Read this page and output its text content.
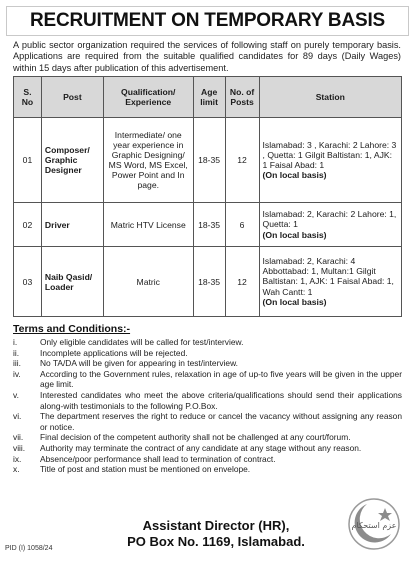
RECRUITMENT ON TEMPORARY BASIS
A public sector organization required the services of following staff on purely temporary basis. Applications are required from the suitable qualified candidates for 89 days (Daily Wages) within 15 days after publication of this advertisement.
S. No	Post	Qualification/ Experience	Age limit	No. of Posts	Station
01	Composer/ Graphic Designer	Intermediate/ one year experience in Graphic Designing/ MS Word, MS Excel, Power Point and In page.	18-35	12	Islamabad: 3 , Karachi: 2 Lahore: 3 , Quetta: 1 Gilgit Baltistan: 1, AJK: 1 Faisal Abad: 1
(On local basis)

02	Driver	Matric HTV License	18-35	6	Islamabad: 2, Karachi: 2 Lahore: 1, Quetta: 1
(On local basis)

03	Naib Qasid/ Loader	Matric	18-35	12	Islamabad: 2, Karachi: 4 Abbottabad: 1, Multan:1 Gilgit Baltistan: 1, AJK: 1 Faisal Abad: 1, Wah Cantt: 1
(On local basis)
Terms and Conditions:-
i.	Only eligible candidates will be called for test/interview.
ii.	Incomplete applications will be rejected.
iii.	No TA/DA will be given for appearing in test/interview.
iv.	According to the Government rules, relaxation in age of up-to five years will be given in the upper age limit.
v.	Interested candidates who meet the above criteria/qualifications should send their applications along-with testimonials to the following P.O.Box.
vi.	The department reserves the right to reduce or cancel the vacancy without assigning any reason or notice.
vii.	Final decision of the competent authority shall not be challenged at any court/forum.
viii.	Authority may terminate the contract of any candidate at any stage without any reason.
ix.	Absence/poor performance shall lead to termination of contract.
x.	Title of post and station must be mentioned on envelope.
Assistant Director (HR),
PO Box No. 1169, Islamabad.
PID (I) 1058/24
عزم استحکام
